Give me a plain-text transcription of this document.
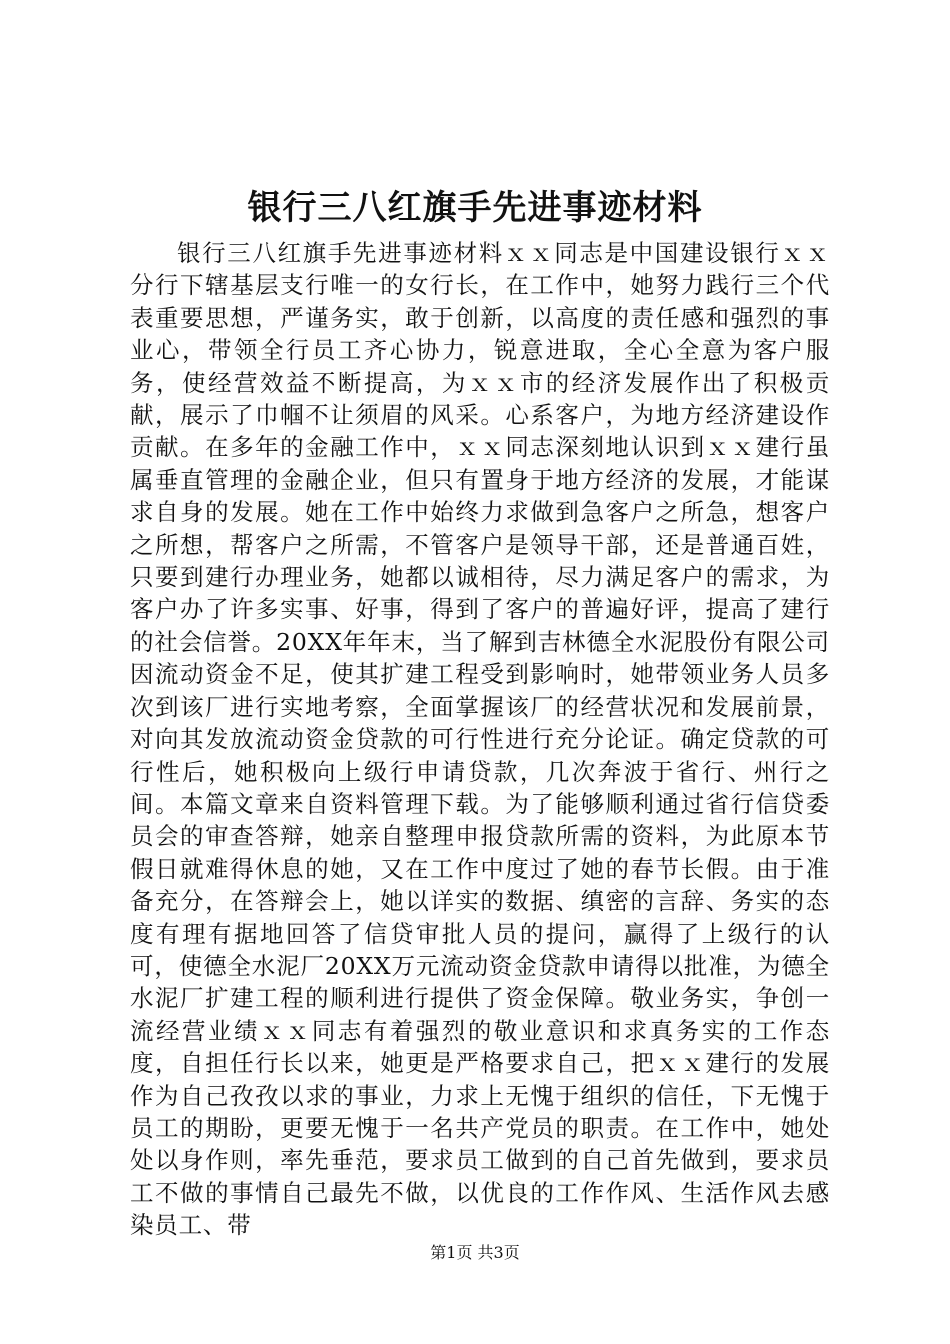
银行三八红旗手先进事迹材料

银行三八红旗手先进事迹材料ｘｘ同志是中国建设银行ｘｘ分行下辖基层支行唯一的女行长，在工作中，她努力践行三个代表重要思想，严谨务实，敢于创新，以高度的责任感和强烈的事业心，带领全行员工齐心协力，锐意进取，全心全意为客户服务，使经营效益不断提高，为ｘｘ市的经济发展作出了积极贡献，展示了巾帼不让须眉的风采。心系客户，为地方经济建设作贡献。在多年的金融工作中，ｘｘ同志深刻地认识到ｘｘ建行虽属垂直管理的金融企业，但只有置身于地方经济的发展，才能谋求自身的发展。她在工作中始终力求做到急客户之所急，想客户之所想，帮客户之所需，不管客户是领导干部，还是普通百姓，只要到建行办理业务，她都以诚相待，尽力满足客户的需求，为客户办了许多实事、好事，得到了客户的普遍好评，提高了建行的社会信誉。20XX年年末，当了解到吉林德全水泥股份有限公司因流动资金不足，使其扩建工程受到影响时，她带领业务人员多次到该厂进行实地考察，全面掌握该厂的经营状况和发展前景，对向其发放流动资金贷款的可行性进行充分论证。确定贷款的可行性后，她积极向上级行申请贷款，几次奔波于省行、州行之间。本篇文章来自资料管理下载。为了能够顺利通过省行信贷委员会的审查答辩，她亲自整理申报贷款所需的资料，为此原本节假日就难得休息的她，又在工作中度过了她的春节长假。由于准备充分，在答辩会上，她以详实的数据、缜密的言辞、务实的态度有理有据地回答了信贷审批人员的提问，赢得了上级行的认可，使德全水泥厂20XX万元流动资金贷款申请得以批准，为德全水泥厂扩建工程的顺利进行提供了资金保障。敬业务实，争创一流经营业绩ｘｘ同志有着强烈的敬业意识和求真务实的工作态度，自担任行长以来，她更是严格要求自己，把ｘｘ建行的发展作为自己孜孜以求的事业，力求上无愧于组织的信任，下无愧于员工的期盼，更要无愧于一名共产党员的职责。在工作中，她处处以身作则，率先垂范，要求员工做到的自己首先做到，要求员工不做的事情自己最先不做，以优良的工作作风、生活作风去感染员工、带

第1页 共3页
